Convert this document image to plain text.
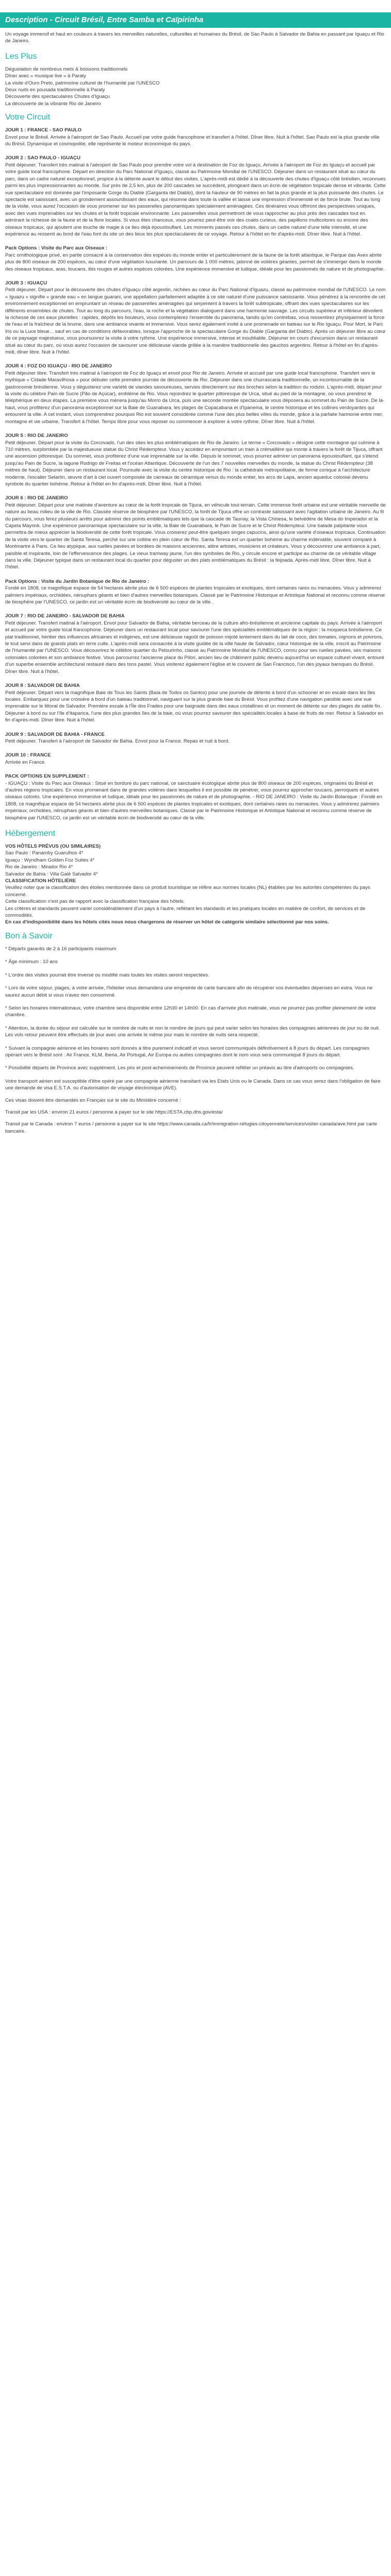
Description - Circuit Brésil, Entre Samba et Caïpirinha

Un voyage immersif et haut en couleurs à travers les merveilles naturelles, culturelles et humaines du Brésil, de Sao Paulo à Salvador de Bahia en passant par Iguaçu et Rio de Janeiro.

Les Plus

Dégustation de nombreux mets & boissons traditionnels

Dîner avec « musique live » à Paraty

La visite d'Ouro Preto, patrimoine culturel de l'humanité par l'UNESCO

Deux nuits en pousada traditionnelle à Paraty

Découverte des spectaculaires Chutes d'Iguaçu

La découverte de la vibrante Rio de Janeiro

Votre Circuit
JOUR 1 : FRANCE - SAO PAULO
Envol pour le Brésil. Arrivée à l'aéroport de Sao Paulo. Accueil par votre guide francophone et transfert à l'hôtel. Dîner libre. Nuit à l'hôtel. Sao Paulo est la plus grande ville du Brésil. Dynamique et cosmopolite, elle représente le moteur économique du pays.
JOUR 2 : SAO PAULO - IGUAÇU
Petit déjeuner. Transfert très matinal à l'aéroport de Sao Paulo pour prendre votre vol à destination de Foz do Iguaçu. Arrivée à l'aéroport de Foz do Iguaçu et accueil par votre guide local francophone. Départ en direction du Parc National d'Iguaçu, classé au Patrimoine Mondial de l'UNESCO. Déjeuner dans un restaurant situé au cœur du parc, dans un cadre naturel exceptionnel, propice à la détente avant le début des visites. L'après-midi est dédié à la découverte des chutes d'Iguaçu côté brésilien, reconnues parmi les plus impressionnantes au monde. Sur près de 2,5 km, plus de 200 cascades se succèdent, plongeant dans un écrin de végétation tropicale dense et vibrante. Cette vue spectaculaire est dominée par l'imposante Gorge du Diable (Garganta del Diablo), dont la hauteur de 90 mètres en fait la plus grande et la plus puissante des chutes. Le spectacle est saisissant, avec un grondement assourdissant des eaux, qui résonne dans toute la vallée et laisse une impression d'immensité et de force brute. Tout au long de la visite, vous aurez l'occasion de vous promener sur les passerelles panoramiques spécialement aménagées. Ces itinéraires vous offriront des perspectives uniques, avec des vues imprenables sur les chutes et la forêt tropicale environnante. Les passerelles vous permettront de vous rapprocher au plus près des cascades tout en admirant la richesse de la faune et de la flore locales. Si vous êtes chanceux, vous pourrez peut-être voir des coatis curieux, des papillons multicolores ou encore des oiseaux tropicaux, qui ajoutent une touche de magie à ce lieu déjà époustouflant. Les moments passés ces chutes, dans un cadre naturel d'une telle intensité, et une expérience au ressenti au bord de l'eau font du site un des lieux les plus spectaculaires de ce voyage. Retour à l'hôtel en fin d'après-midi. Dîner libre. Nuit à l'hôtel.
Pack Options : Visite du Parc aux Oiseaux :
Parc ornithologique privé, en partie consacré à la conservation des espèces du monde entier et particulièrement de la faune de la forêt atlantique, le Parque das Aves abrite plus de 800 oiseaux de 200 espèces, au cœur d'une végétation luxuriante. Un parcours de 1 000 mètres, jalonné de volières géantes, permet de s'immerger dans le monde des oiseaux tropicaux, aras, toucans, ibis rouges et autres espèces colorées. Une expérience immersive et ludique, idéale pour les passionnés de nature et de photographie.
JOUR 3 : IGUAÇU
Petit déjeuner. Départ pour la découverte des chutes d'Iguaçu côté argentin, nichées au cœur du Parc National d'Iguazu, classé au patrimoine mondial de l'UNESCO. Le nom « Iguazu » signifie « grande eau » en langue guarani, une appellation parfaitement adaptée à ce site naturel d'une puissance saisissante. Vous pénétrez à la rencontre de cet environnement exceptionnel en empruntant un réseau de passerelles aménagées qui serpentent à travers la forêt subtropicale, offrant des vues spectaculaires sur les différents ensembles de chutes. Tout au long du parcours, l'eau, la roche et la végétation dialoguent dans une harmonie sauvage. Les circuits supérieur et inférieur dévoilent la richesse de ces eaux plurielles : rapides, dépôts les bouleurs, vous contemplerez l'ensemble du panorama, tandis qu'en contrebas, vous ressentirez physiquement la force de l'eau et la fraîcheur de la brume, dans une ambiance vivante et immersive. Vous serez également invité à une promenade en bateau sur le Rio Iguaçu. Pour Mort, le Parc Iris ou la Luce bleue... sauf en cas de conditions défavorables, lorsque l'approche de la spectaculaire Gorge du Diable (Garganta del Diablo). Après un déjeuner libre au cœur de ce paysage majestueux, vous poursuivrez la visite à votre rythme. Une expérience immersive, intense et inoubliable. Déjeuner en cours d'excursion dans un restaurant situé au cœur du parc, où vous aurez l'occasion de savourer une délicieuse viande grillée à la manière traditionnelle des gauchos argentins. Retour à l'hôtel en fin d'après-midi, dîner libre. Nuit à l'hôtel.
JOUR 4 : FOZ DO IGUAÇU - RIO DE JANEIRO
Petit déjeuner libre. Transfert très matinal à l'aéroport de Foz do Iguaçu et envol pour Rio de Janeiro. Arrivée et accueil par une guide local francophone. Transfert vers le mythique « Cidade Maravilhosa » pour débuter cette première journée de découverte de Rio. Déjeuner dans une churrascaria traditionnelle, un incontournable de la gastronomie brésilienne. Vous y dégusterez une variété de viandes savoureuses, servies directement sur des broches selon la tradition du rodizio. L'après-midi, départ pour la visite du célèbre Pain de Sucre (Pão de Açúcar), emblème de Rio. Vous rejoindrez le quartier pittoresque de Urca, situé au pied de la montagne, où vous prendrez le téléphérique en deux étapes. La première vous mènera jusqu'au Morro da Urca, puis une seconde montée spectaculaire vous déposera au sommet du Pain de Sucre. De là-haut, vous profiterez d'un panorama exceptionnel sur la Baie de Guanabara, les plages de Copacabana et d'Ipanema, le centre historique et les collines verdoyantes qui entourent la ville. A cet instant, vous comprendrez pourquoi Rio est souvent considérée comme l'une des plus belles villes du monde, grâce à la parfaite harmonie entre mer, montagne et vie urbaine. Transfert à l'hôtel. Temps libre pour vous reposer ou commencer à explorer à votre rythme. Dîner libre. Nuit à l'hôtel.
JOUR 5 : RIO DE JANEIRO
Petit déjeuner. Départ pour la visite du Corcovado, l'un des sites les plus emblématiques de Rio de Janeiro. Le terme « Corcovado » désigne cette montagne qui culmine à 710 mètres, surplombée par la majestueuse statue du Christ Rédempteur. Vous y accédez en empruntant un train à crémaillère qui monte à travers la forêt de Tijuca, offrant une ascension pittoresque. Du sommet, vous profiterez d'une vue imprenable sur la ville. Depuis le sommet, vous pourrez admirer un panorama époustouflant, qui s'étend jusqu'au Pain de Sucre, la lagune Rodrigo de Freitas et l'océan Atlantique. Découverte de l'un des 7 nouvelles merveilles du monde, la statue du Christ Rédempteur (38 mètres de haut). Déjeuner dans un restaurant local. Poursuite avec la visite du centre historique de Rio : la cathédrale métropolitaine, de forme conique à l'architecture moderne, l'escalier Selarón, œuvre d'art à ciel ouvert composée de carreaux de céramique venus du monde entier, les arcs de Lapa, ancien aqueduc colonial devenu symbole du quartier bohème. Retour à l'hôtel en fin d'après-midi. Dîner libre. Nuit à l'hôtel.
JOUR 6 : RIO DE JANEIRO
Petit déjeuner. Départ pour une matinée d'aventure au cœur de la forêt tropicale de Tijuca, en véhicule tout-terrain. Cette immense forêt urbaine est une véritable merveille de nature au beau milieu de la ville de Rio. Classée réserve de biosphère par l'UNESCO, la forêt de Tijuca offre un contraste saisissant avec l'agitation urbaine de Janeiro. Au fil du parcours, vous ferez plusieurs arrêts pour admirer des points emblématiques tels que la cascade de Taunay, la Vista Chinesa, le belvédère de Mesa do Imperador et la Capela Mayrink. Une expérience panoramique spectaculaire sur la ville, la Baie de Guanabara, le Pain de Sucre et le Christ Rédempteur. Une balade palpitante vous permettra de mieux apprécier la biodiversité de cette forêt tropicale. Vous croiserez peut-être quelques singes capucins, ainsi qu'une variété d'oiseaux tropicaux. Continuation de la visite vers le quartier de Santa Teresa, perché sur une colline en plein cœur de Rio. Santa Teresa est un quartier bohème au charme indéniable, souvent comparé à Montmartre à Paris. Ce lieu atypique, aux ruelles pavées et bordées de maisons anciennes, attire artistes, musiciens et créateurs. Vous y découvrirez une ambiance à part, paisible et inspirante, loin de l'effervescence des plages. Le vieux tramway jaune, l'un des symboles de Rio, y circule encore et participe au charme de ce véritable village dans la ville. Déjeuner typique dans un restaurant local du quartier pour déguster un des plats emblématiques du Brésil : la feijoada. Après-midi libre. Dîner libre. Nuit à l'hôtel.
Pack Options : Visite du Jardin Botanique de Rio de Janeiro :
Fondé en 1808, ce magnifique espace de 54 hectares abrite plus de 6 500 espèces de plantes tropicales et exotiques, dont certaines rares ou menacées. Vous y admirerez palmiers impériaux, orchidées, nénuphars géants et bien d'autres merveilles botaniques. Classé par le Patrimoine Historique et Artistique National et reconnu comme réserve de biosphère par l'UNESCO, ce jardin est un véritable écrin de biodiversité au cœur de la ville.
JOUR 7 : RIO DE JANEIRO - SALVADOR DE BAHIA
Petit déjeuner. Transfert matinal à l'aéroport. Envol pour Salvador de Bahia, véritable berceau de la culture afro-brésilienne et ancienne capitale du pays. Arrivée à l'aéroport et accueil par votre guide local francophone. Déjeuner dans un restaurant local pour savourer l'une des spécialités emblématiques de la région : la moqueca brésilienne. Ce plat traditionnel, héritier des influences africaines et indigènes, est une délicieuse ragoût de poisson mijoté lentement dans du lait de coco, des tomates, oignons et poivrons, le tout servi dans de grands plats en terre cuite. L'après-midi sera consacrée à la visite guidée de la ville haute de Salvador, cœur historique de la ville, inscrit au Patrimoine de l'Humanité par l'UNESCO. Vous découvrirez le célèbre quartier du Pelourinho, classé au Patrimoine Mondial de l'UNESCO, connu pour ses ruelles pavées, ses maisons coloniales colorées et son ambiance festive. Vous parcourrez l'ancienne place du Pilori, ancien lieu de châtiment public devenu aujourd'hui un espace culturel vivant, entouré d'un superbe ensemble architectural restauré dans des tons pastel. Vous visiterez également l'église et le couvent de San Francisco, l'un des joyaux baroques du Brésil. Dîner libre. Nuit à l'hôtel.
JOUR 8 : SALVADOR DE BAHIA
Petit déjeuner. Départ vers la magnifique Baie de Tous les Saints (Baía de Todos os Santos) pour une journée de détente à bord d'un schooner et en escale dans les îles locales. Embarquez pour une croisière à bord d'un bateau traditionnel, naviguant sur la plus grande baie du Brésil. Vous profitez d'une navigation paisible avec une vue imprenable sur le littoral de Salvador. Première escale à l'Île dos Frades pour une baignade dans des eaux cristallines et un moment de détente sur des plages de sable fin. Déjeuner à bord ou sur l'île d'Itaparica, l'une des plus grandes îles de la baie, où vous pourrez savourer des spécialités locales à base de fruits de mer. Retour à Salvador en fin d'après-midi. Dîner libre. Nuit à l'hôtel.
JOUR 9 : SALVADOR DE BAHIA - FRANCE
Petit déjeuner. Transfert à l'aéroport de Salvador de Bahia. Envol pour la France. Repas et nuit à bord.
JOUR 10 : FRANCE
Arrivée en France.
PACK OPTIONS EN SUPPLEMENT :
- IGUAÇU : Visite du Parc aux Oiseaux : Situé en bordure du parc national, ce sanctuaire écologique abrite plus de 800 oiseaux de 200 espèces, originaires du Brésil et d'autres régions tropicales. En vous promenant dans de grandes volières dans lesquelles il est possible de pénétrer, vous pourrez approcher toucans, perroquets et autres oiseaux colorés. Une expérience immersive et ludique, idéale pour les passionnés de nature et de photographie. - RIO DE JANEIRO : Visite du Jardin Botanique : Fondé en 1808, ce magnifique espace de 54 hectares abrite plus de 6 500 espèces de plantes tropicales et exotiques, dont certaines rares ou menacées. Vous y admirerez palmiers impériaux, orchidées, nénuphars géants et bien d'autres merveilles botaniques. Classé par le Patrimoine Historique et Artistique National et reconnu comme réserve de biosphère par l'UNESCO, ce jardin est un véritable écrin de biodiversité au cœur de la ville.
Hébergement

VOS HÔTELS PRÉVUS (OU SIMILAIRES)

Sao Paulo : Panamby Guarulhos 4*

Iguaçu : Wyndham Golden Foz Suites 4*

Rio de Janeiro : Mirador Rio 4*

Salvador de Bahia : Villa Galé Salvador 4*

CLASSIFICATION HÔTELIÈRE

Veuillez noter que la classification des étoiles mentionnée dans ce produit touristique se réfère aux normes locales (NL) établies par les autorités compétentes du pays concerné.

Cette classification n'est pas de rapport avec la classification française des hôtels.

Les critères et standards peuvent varier considérablement d'un pays à l'autre, reflétant les standards et les pratiques locales en matière de confort, de services et de commodités.

En cas d'indisponibilité dans les hôtels cités nous nous chargerons de réserver un hôtel de catégorie similaire sélectionné par nos soins.

Bon à Savoir

* Départs garantis de 2 à 16 participants maximum

* Âge minimum : 10 ans

* L'ordre des visites pourrait être inversé ou modifié mais toutes les visites seront respectées.

* Lors de votre séjour, plages, à votre arrivée, l'hôtelier vous demandera une empreinte de carte bancaire afin de récupérer vos éventuelles dépenses en extra. Vous ne saurez aucun débit si vous n'avez rien consommé.

* Selon les horaires internationaux, votre chambre sera disponible entre 12h30 et 14h00. En cas d'arrivée plus matinale, vous ne pourrez pas profiter pleinement de votre chambre.

* Attention, la durée du séjour est calculée sur le nombre de nuits et non le nombre de jours qui peut varier selon les horaires des compagnies aériennes de jour ou de nuit. Les vols retour peuvent être effectués de jour avec une arrivée le même jour mais le nombre de nuits sera respecté.

* Suivant la compagnie aérienne et les horaires sont donnés à titre purement indicatif et vous seront communiqués définitivement à 8 jours du départ. Les compagnies opérant vers le Brésil sont : Air France, KLM, Iberia, Air Portugal, Air Europa ou autres compagnies dont le nom vous sera communiqué 8 jours du départ.

* Possibilité départs de Province avec supplément. Les prix et post-acheminements de Province peuvent refléter un préavis au titre d'aéroports ou compagnies.

Votre transport aérien est susceptible d'être opéré par une compagnie aérienne transitant via les Etats Unis ou le Canada. Dans ce cas vous serez dans l'obligation de faire une demande de visa E.S.T.A. ou d'autorisation de voyage électronique (AVE).

Ces visas doivent être demandés en Français sur le site du Ministère concerné :

Transit par les USA : environ 21 euros / personne à payer sur le site https://ESTA.cbp.dhs.gov/esta/

Transit par le Canada : environ 7 euros / personne à payer sur le site https://www.canada.ca/fr/immigration-refugies-citoyennete/services/visiter-canada/ave.html par carte bancaire.
